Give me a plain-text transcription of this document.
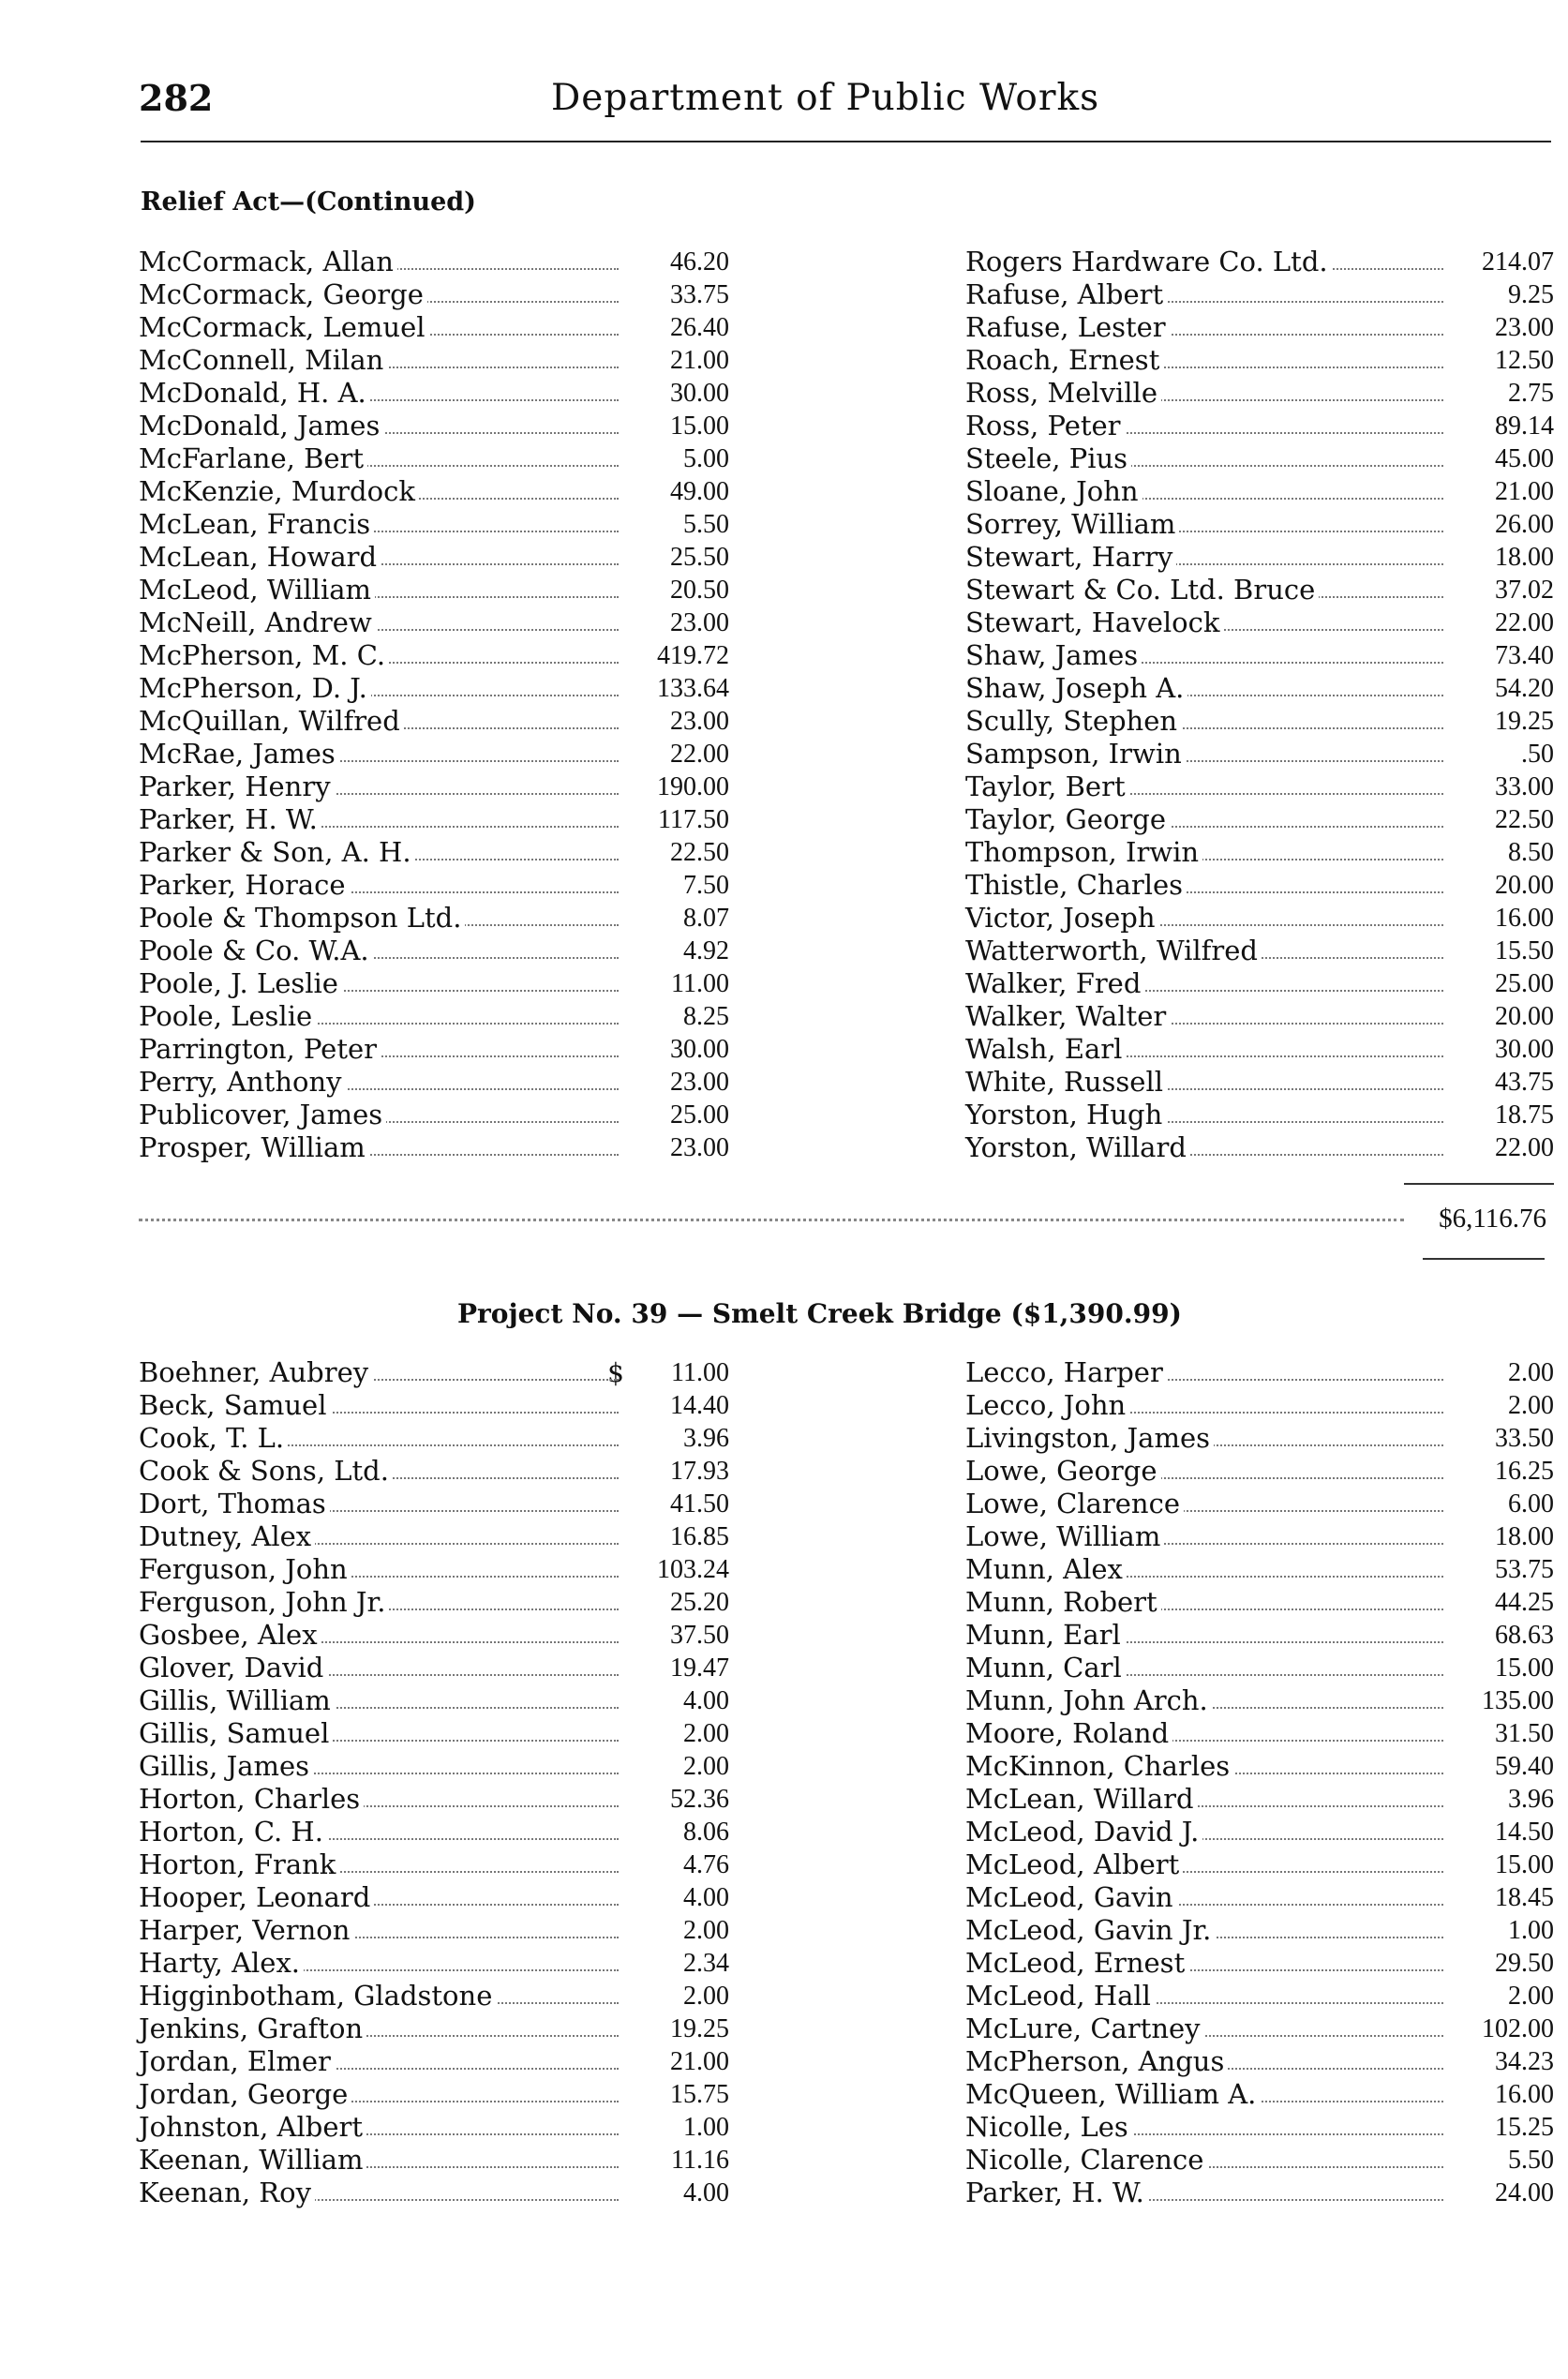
282	Department of Public Works
Relief Act—(Continued)
McCormack, Allan	46.20
McCormack, George	33.75
McCormack, Lemuel	26.40
McConnell, Milan	21.00
McDonald, H. A.	30.00
McDonald, James	15.00
McFarlane, Bert	5.00
McKenzie, Murdock	49.00
McLean, Francis	5.50
McLean, Howard	25.50
McLeod, William	20.50
McNeill, Andrew	23.00
McPherson, M. C.	419.72
McPherson, D. J.	133.64
McQuillan, Wilfred	23.00
McRae, James	22.00
Parker, Henry	190.00
Parker, H. W.	117.50
Parker & Son, A. H.	22.50
Parker, Horace	7.50
Poole & Thompson Ltd.	8.07
Poole & Co. W.A.	4.92
Poole, J. Leslie	11.00
Poole, Leslie	8.25
Parrington, Peter	30.00
Perry, Anthony	23.00
Publicover, James	25.00
Prosper, William	23.00
Rogers Hardware Co. Ltd.	214.07
Rafuse, Albert	9.25
Rafuse, Lester	23.00
Roach, Ernest	12.50
Ross, Melville	2.75
Ross, Peter	89.14
Steele, Pius	45.00
Sloane, John	21.00
Sorrey, William	26.00
Stewart, Harry	18.00
Stewart & Co. Ltd. Bruce	37.02
Stewart, Havelock	22.00
Shaw, James	73.40
Shaw, Joseph A.	54.20
Scully, Stephen	19.25
Sampson, Irwin	.50
Taylor, Bert	33.00
Taylor, George	22.50
Thompson, Irwin	8.50
Thistle, Charles	20.00
Victor, Joseph	16.00
Watterworth, Wilfred	15.50
Walker, Fred	25.00
Walker, Walter	20.00
Walsh, Earl	30.00
White, Russell	43.75
Yorston, Hugh	18.75
Yorston, Willard	22.00
$6,116.76
Project No. 39 — Smelt Creek Bridge ($1,390.99)
Boehner, Aubrey	$ 11.00
Beck, Samuel	14.40
Cook, T. L.	3.96
Cook & Sons, Ltd.	17.93
Dort, Thomas	41.50
Dutney, Alex	16.85
Ferguson, John	103.24
Ferguson, John Jr.	25.20
Gosbee, Alex	37.50
Glover, David	19.47
Gillis, William	4.00
Gillis, Samuel	2.00
Gillis, James	2.00
Horton, Charles	52.36
Horton, C. H.	8.06
Horton, Frank	4.76
Hooper, Leonard	4.00
Harper, Vernon	2.00
Harty, Alex.	2.34
Higginbotham, Gladstone	2.00
Jenkins, Grafton	19.25
Jordan, Elmer	21.00
Jordan, George	15.75
Johnston, Albert	1.00
Keenan, William	11.16
Keenan, Roy	4.00
Lecco, Harper	2.00
Lecco, John	2.00
Livingston, James	33.50
Lowe, George	16.25
Lowe, Clarence	6.00
Lowe, William	18.00
Munn, Alex	53.75
Munn, Robert	44.25
Munn, Earl	68.63
Munn, Carl	15.00
Munn, John Arch.	135.00
Moore, Roland	31.50
McKinnon, Charles	59.40
McLean, Willard	3.96
McLeod, David J.	14.50
McLeod, Albert	15.00
McLeod, Gavin	18.45
McLeod, Gavin Jr.	1.00
McLeod, Ernest	29.50
McLeod, Hall	2.00
McLure, Cartney	102.00
McPherson, Angus	34.23
McQueen, William A.	16.00
Nicolle, Les	15.25
Nicolle, Clarence	5.50
Parker, H. W.	24.00
